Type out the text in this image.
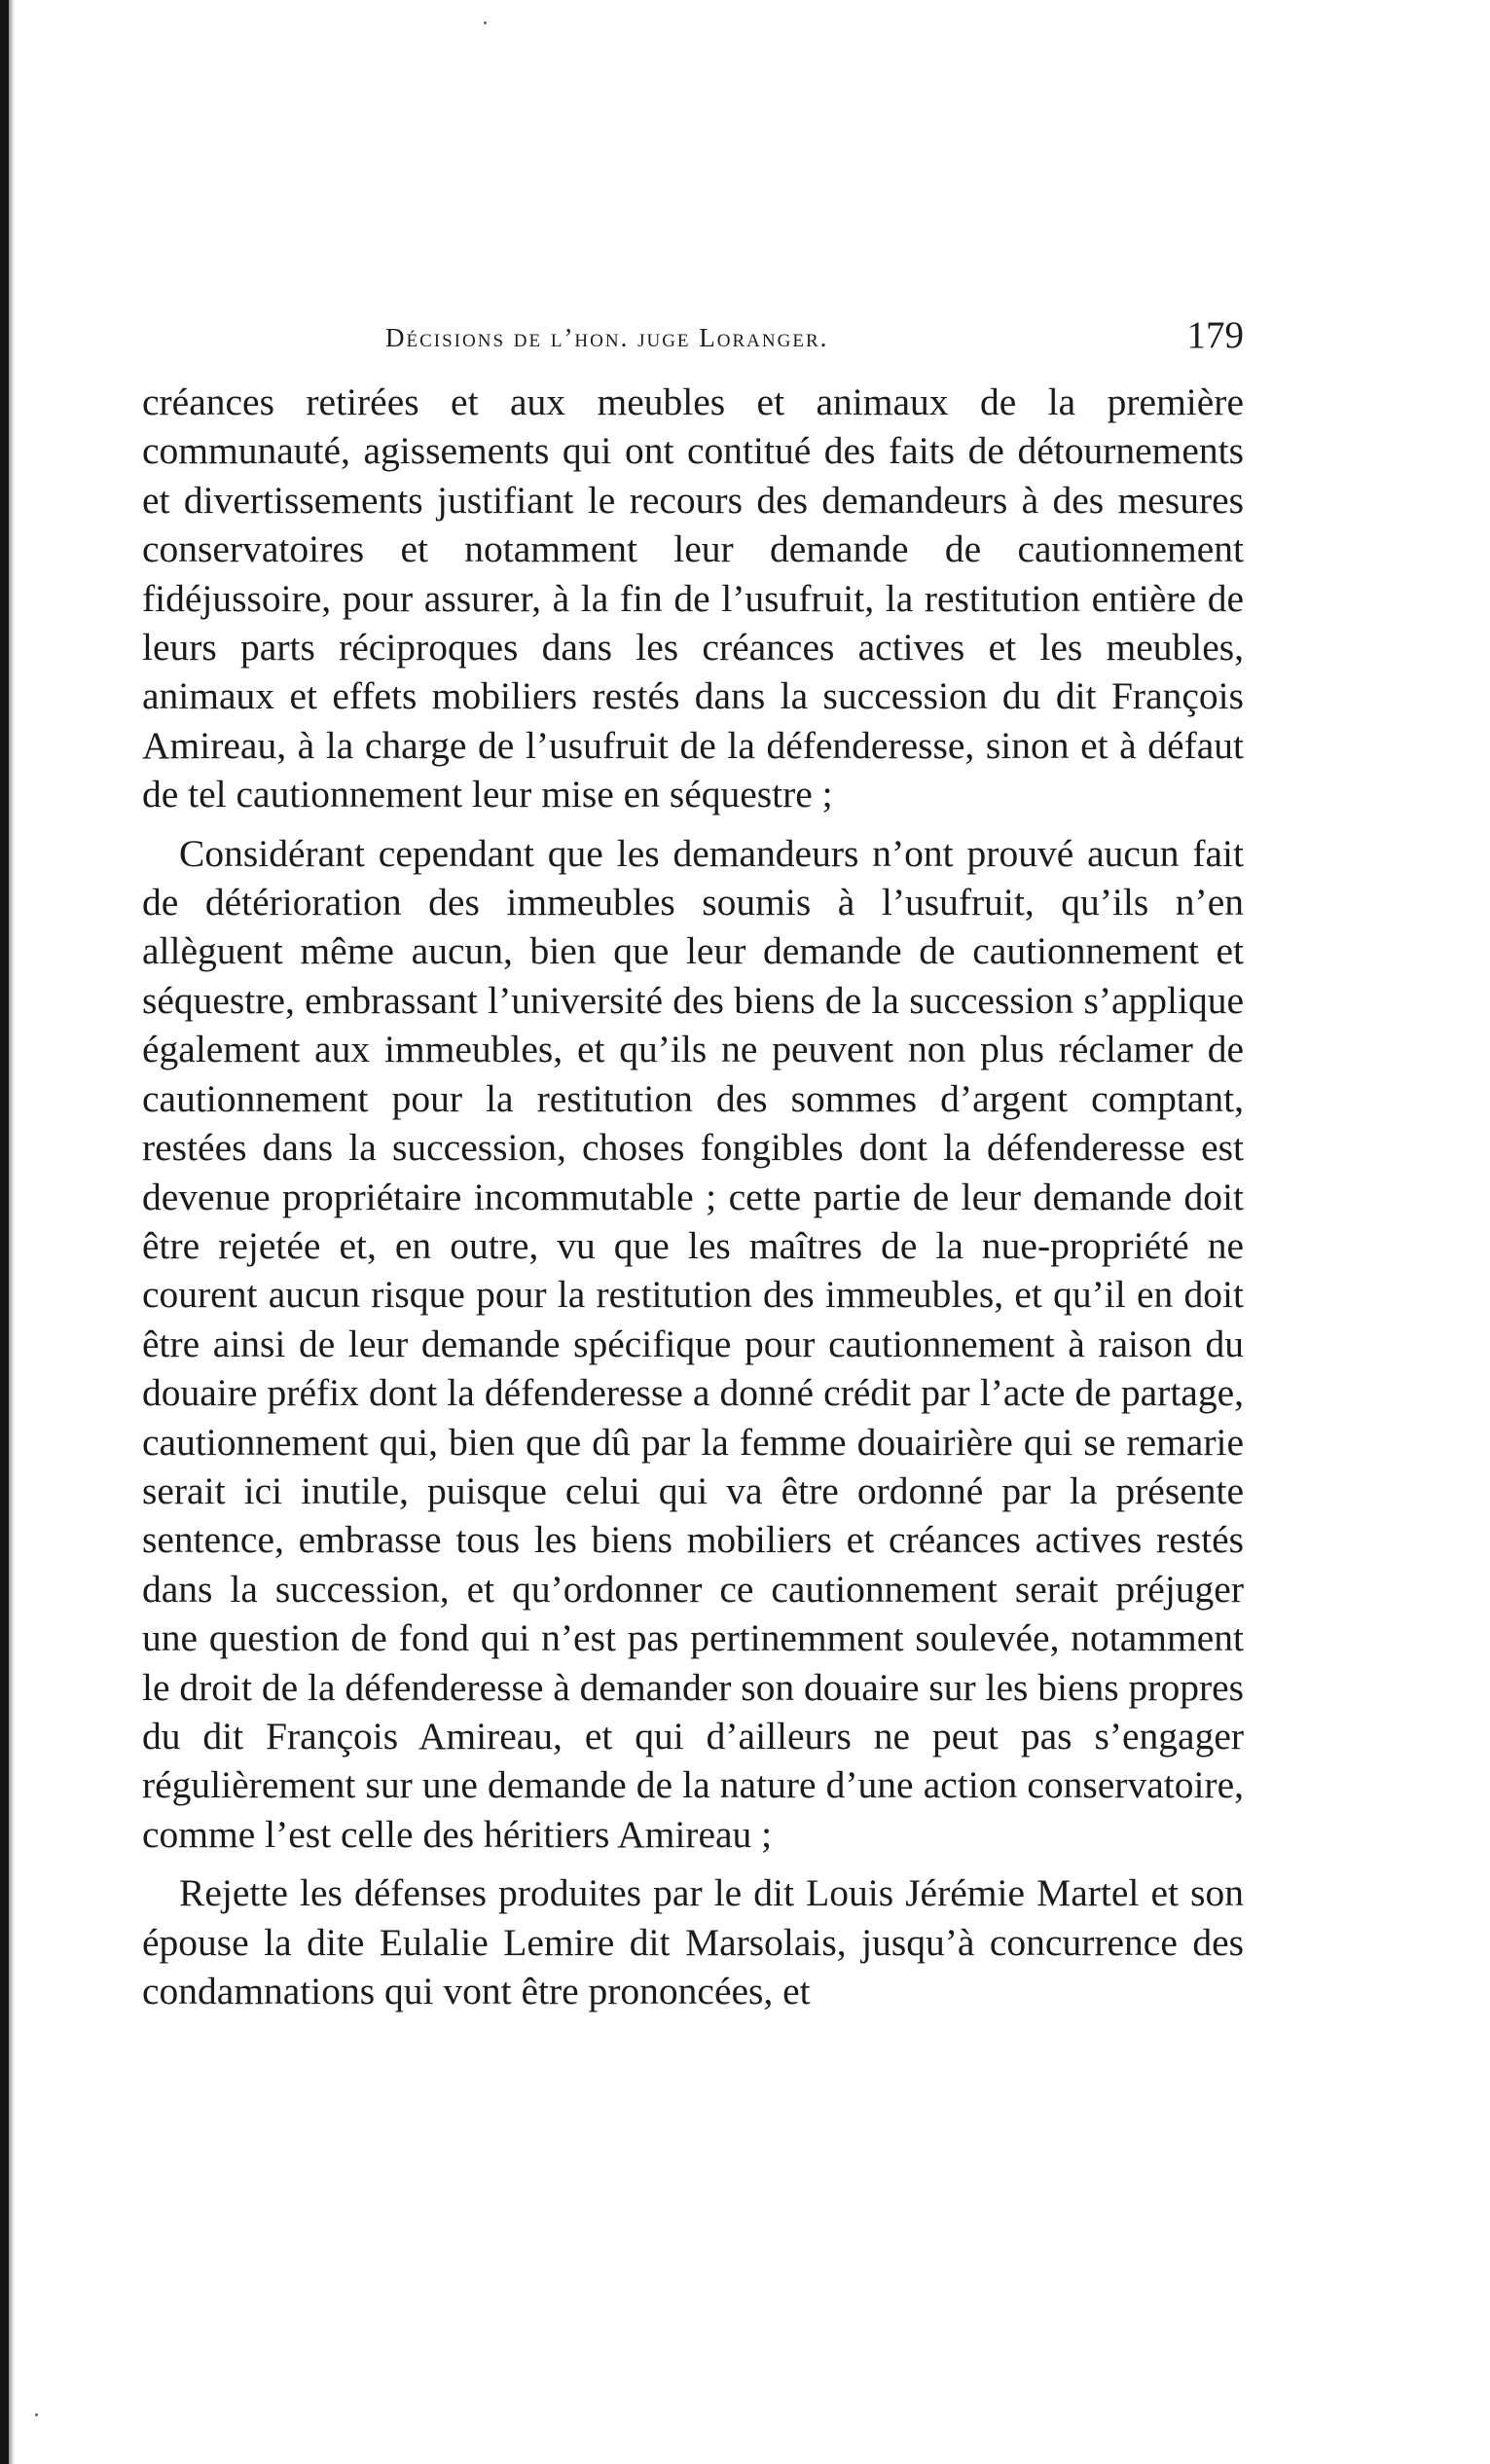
Décisions de l’hon. juge Loranger.	179

créances retirées et aux meubles et animaux de la première communauté, agissements qui ont contitué des faits de détournements et divertissements justifiant le recours des demandeurs à des mesures conservatoires et notamment leur demande de cautionnement fidéjussoire, pour assurer, à la fin de l’usufruit, la restitution entière de leurs parts réciproques dans les créances actives et les meubles, animaux et effets mobiliers restés dans la succession du dit François Amireau, à la charge de l’usufruit de la défenderesse, sinon et à défaut de tel cautionnement leur mise en séquestre ;

Considérant cependant que les demandeurs n’ont prouvé aucun fait de détérioration des immeubles soumis à l’usufruit, qu’ils n’en allèguent même aucun, bien que leur demande de cautionnement et séquestre, embrassant l’université des biens de la succession s’applique également aux immeubles, et qu’ils ne peuvent non plus réclamer de cautionnement pour la restitution des sommes d’argent comptant, restées dans la succession, choses fongibles dont la défenderesse est devenue propriétaire incommutable ; cette partie de leur demande doit être rejetée et, en outre, vu que les maîtres de la nue-propriété ne courent aucun risque pour la restitution des immeubles, et qu’il en doit être ainsi de leur demande spécifique pour cautionnement à raison du douaire préfix dont la défenderesse a donné crédit par l’acte de partage, cautionnement qui, bien que dû par la femme douairière qui se remarie serait ici inutile, puisque celui qui va être ordonné par la présente sentence, embrasse tous les biens mobiliers et créances actives restés dans la succession, et qu’ordonner ce cautionnement serait préjuger une question de fond qui n’est pas pertinemment soulevée, notamment le droit de la défenderesse à demander son douaire sur les biens propres du dit François Amireau, et qui d’ailleurs ne peut pas s’engager régulièrement sur une demande de la nature d’une action conservatoire, comme l’est celle des héritiers Amireau ;

Rejette les défenses produites par le dit Louis Jérémie Martel et son épouse la dite Eulalie Lemire dit Marsolais, jusqu’à concurrence des condamnations qui vont être prononcées, et
